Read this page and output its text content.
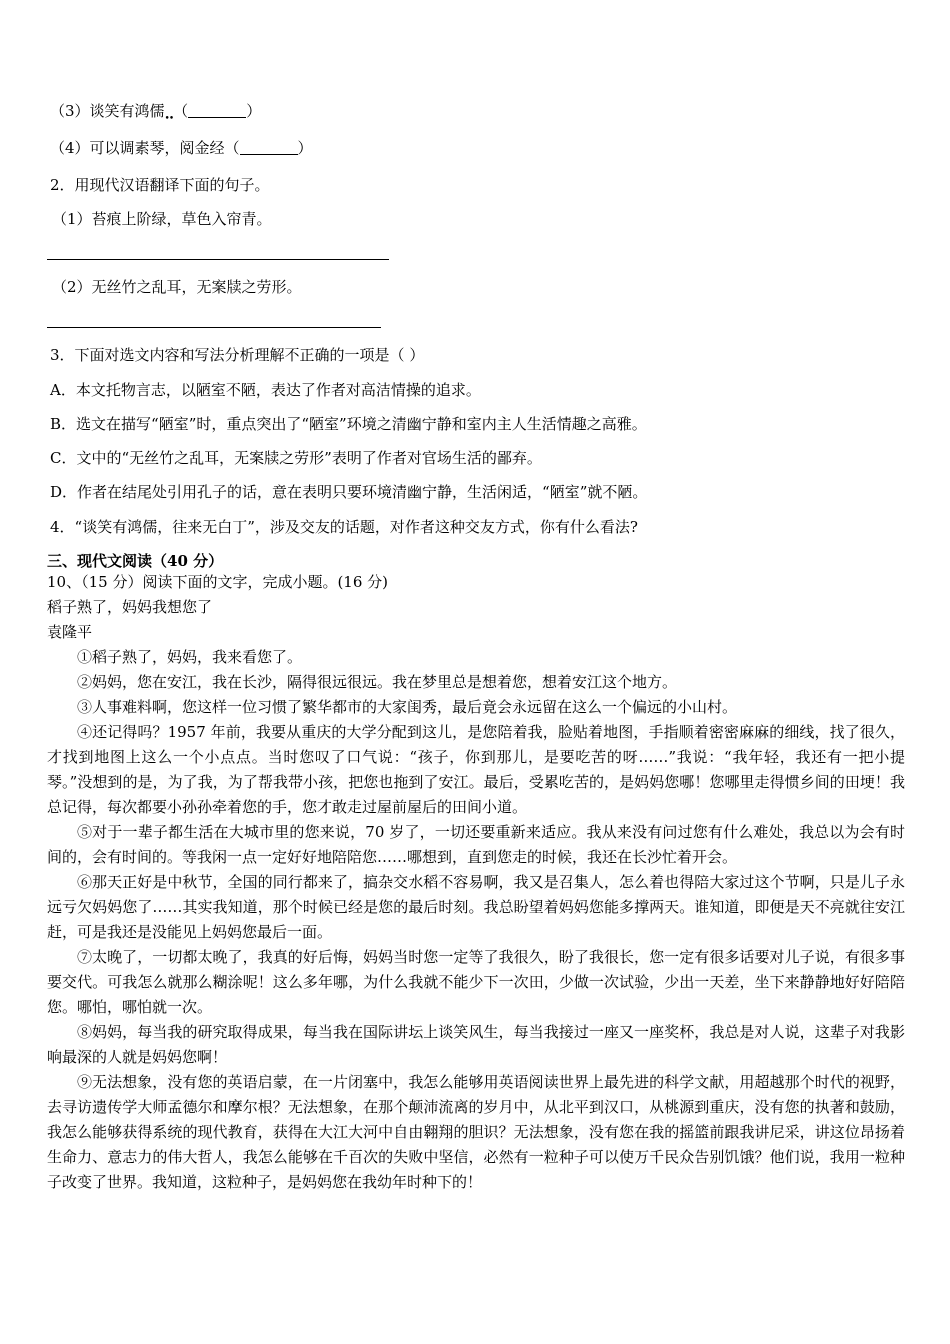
（3）谈笑有鸿儒$_{••}$（	）
（4）可以调素琴，阅金经（	）
2．用现代汉语翻译下面的句子。
（1）苔痕上阶绿，草色入帘青。
（2）无丝竹之乱耳，无案牍之劳形。
3．下面对选文内容和写法分析理解不正确的一项是（ ）
A．本文托物言志，以陋室不陋，表达了作者对高洁情操的追求。
B．选文在描写“陋室”时，重点突出了“陋室”环境之清幽宁静和室内主人生活情趣之高雅。
C．文中的“无丝竹之乱耳，无案牍之劳形”表明了作者对官场生活的鄙弃。
D．作者在结尾处引用孔子的话，意在表明只要环境清幽宁静，生活闲适，“陋室”就不陋。
4．“谈笑有鸿儒，往来无白丁”，涉及交友的话题，对作者这种交友方式，你有什么看法?
三、现代文阅读（40 分）
10、（15 分）阅读下面的文字，完成小题。(16 分)
稻子熟了，妈妈我想您了
袁隆平
①稻子熟了，妈妈，我来看您了。
②妈妈，您在安江，我在长沙，隔得很远很远。我在梦里总是想着您，想着安江这个地方。
③人事难料啊，您这样一位习惯了繁华都市的大家闺秀，最后竟会永远留在这么一个偏远的小山村。
④还记得吗？1957 年前，我要从重庆的大学分配到这儿，是您陪着我，脸贴着地图，手指顺着密密麻麻的细线，找了很久，才找到地图上这么一个小点点。当时您叹了口气说：“孩子，你到那儿，是要吃苦的呀……”我说：“我年轻，我还有一把小提琴。”没想到的是，为了我，为了帮我带小孩，把您也拖到了安江。最后，受累吃苦的，是妈妈您哪！您哪里走得惯乡间的田埂！我总记得，每次都要小孙孙牵着您的手，您才敢走过屋前屋后的田间小道。
⑤对于一辈子都生活在大城市里的您来说，70 岁了，一切还要重新来适应。我从来没有问过您有什么难处，我总以为会有时间的，会有时间的。等我闲一点一定好好地陪陪您……哪想到，直到您走的时候，我还在长沙忙着开会。
⑥那天正好是中秋节，全国的同行都来了，搞杂交水稻不容易啊，我又是召集人，怎么着也得陪大家过这个节啊，只是儿子永远亏欠妈妈您了……其实我知道，那个时候已经是您的最后时刻。我总盼望着妈妈您能多撑两天。谁知道，即便是天不亮就往安江赶，可是我还是没能见上妈妈您最后一面。
⑦太晚了，一切都太晚了，我真的好后悔，妈妈当时您一定等了我很久，盼了我很长，您一定有很多话要对儿子说，有很多事要交代。可我怎么就那么糊涂呢！这么多年哪，为什么我就不能少下一次田，少做一次试验，少出一天差，坐下来静静地好好陪陪您。哪怕，哪怕就一次。
⑧妈妈，每当我的研究取得成果，每当我在国际讲坛上谈笑风生，每当我接过一座又一座奖杯，我总是对人说，这辈子对我影响最深的人就是妈妈您啊！
⑨无法想象，没有您的英语启蒙，在一片闭塞中，我怎么能够用英语阅读世界上最先进的科学文献，用超越那个时代的视野，去寻访遗传学大师孟德尔和摩尔根？无法想象，在那个颠沛流离的岁月中，从北平到汉口，从桃源到重庆，没有您的执著和鼓励，我怎么能够获得系统的现代教育，获得在大江大河中自由翱翔的胆识？无法想象，没有您在我的摇篮前跟我讲尼采，讲这位昂扬着生命力、意志力的伟大哲人，我怎么能够在千百次的失败中坚信，必然有一粒种子可以使万千民众告别饥饿？他们说，我用一粒种子改变了世界。我知道，这粒种子，是妈妈您在我幼年时种下的！
